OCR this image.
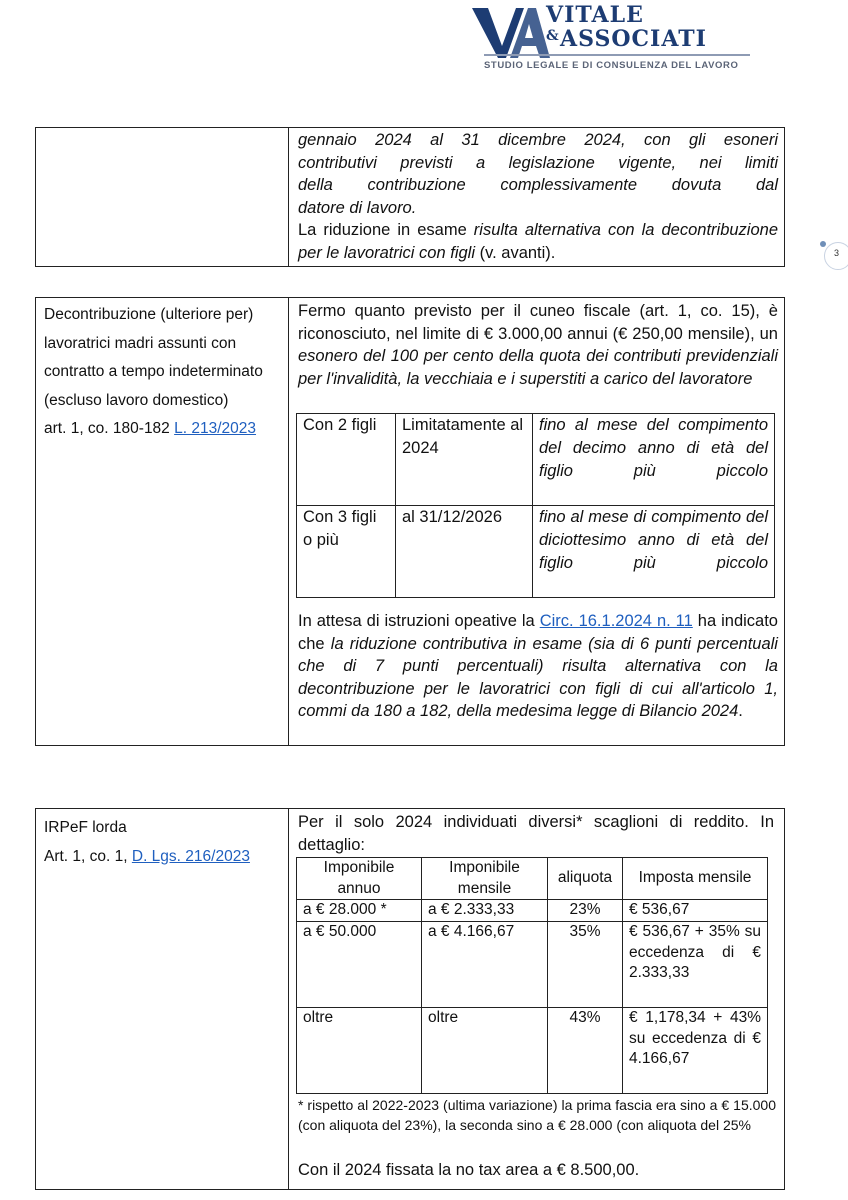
VITALE
& ASSOCIATI
STUDIO LEGALE E DI CONSULENZA DEL LAVORO
3
gennaio 2024 al 31 dicembre 2024, con gli esoneri
contributivi previsti a legislazione vigente, nei limiti
della contribuzione complessivamente dovuta dal
datore di lavoro.
La riduzione in esame risulta alternativa con la decontribuzione per le lavoratrici con figli (v. avanti).
Decontribuzione (ulteriore per) lavoratrici madri assunti con contratto a tempo indeterminato (escluso lavoro domestico)
art. 1, co. 180-182 L. 213/2023
Fermo quanto previsto per il cuneo fiscale (art. 1, co. 15), è riconosciuto, nel limite di € 3.000,00 annui (€ 250,00 mensile), un esonero del 100 per cento della quota dei contributi previdenziali per l'invalidità, la vecchiaia e i superstiti a carico del lavoratore
Con 2 figli	Limitatamente al 2024	fino al mese del compimento del decimo anno di età del figlio più piccolo
Con 3 figli o più	al 31/12/2026	fino al mese di compimento del diciottesimo anno di età del figlio più piccolo
In attesa di istruzioni opeative la Circ. 16.1.2024 n. 11 ha indicato che la riduzione contributiva in esame (sia di 6 punti percentuali che di 7 punti percentuali) risulta alternativa con la decontribuzione per le lavoratrici con figli di cui all'articolo 1, commi da 180 a 182, della medesima legge di Bilancio 2024.
IRPeF lorda
Art. 1, co. 1, D. Lgs. 216/2023
Per il solo 2024 individuati diversi* scaglioni di reddito. In dettaglio:
Imponibile annuo	Imponibile mensile	aliquota	Imposta mensile
a € 28.000 *	a € 2.333,33	23%	€ 536,67
a € 50.000	a € 4.166,67	35%	€ 536,67 + 35% su eccedenza di € 2.333,33
oltre	oltre	43%	€ 1,178,34 + 43% su eccedenza di € 4.166,67
* rispetto al 2022-2023 (ultima variazione) la prima fascia era sino a € 15.000 (con aliquota del 23%), la seconda sino a € 28.000 (con aliquota del 25%
Con il 2024 fissata la no tax area a € 8.500,00.
